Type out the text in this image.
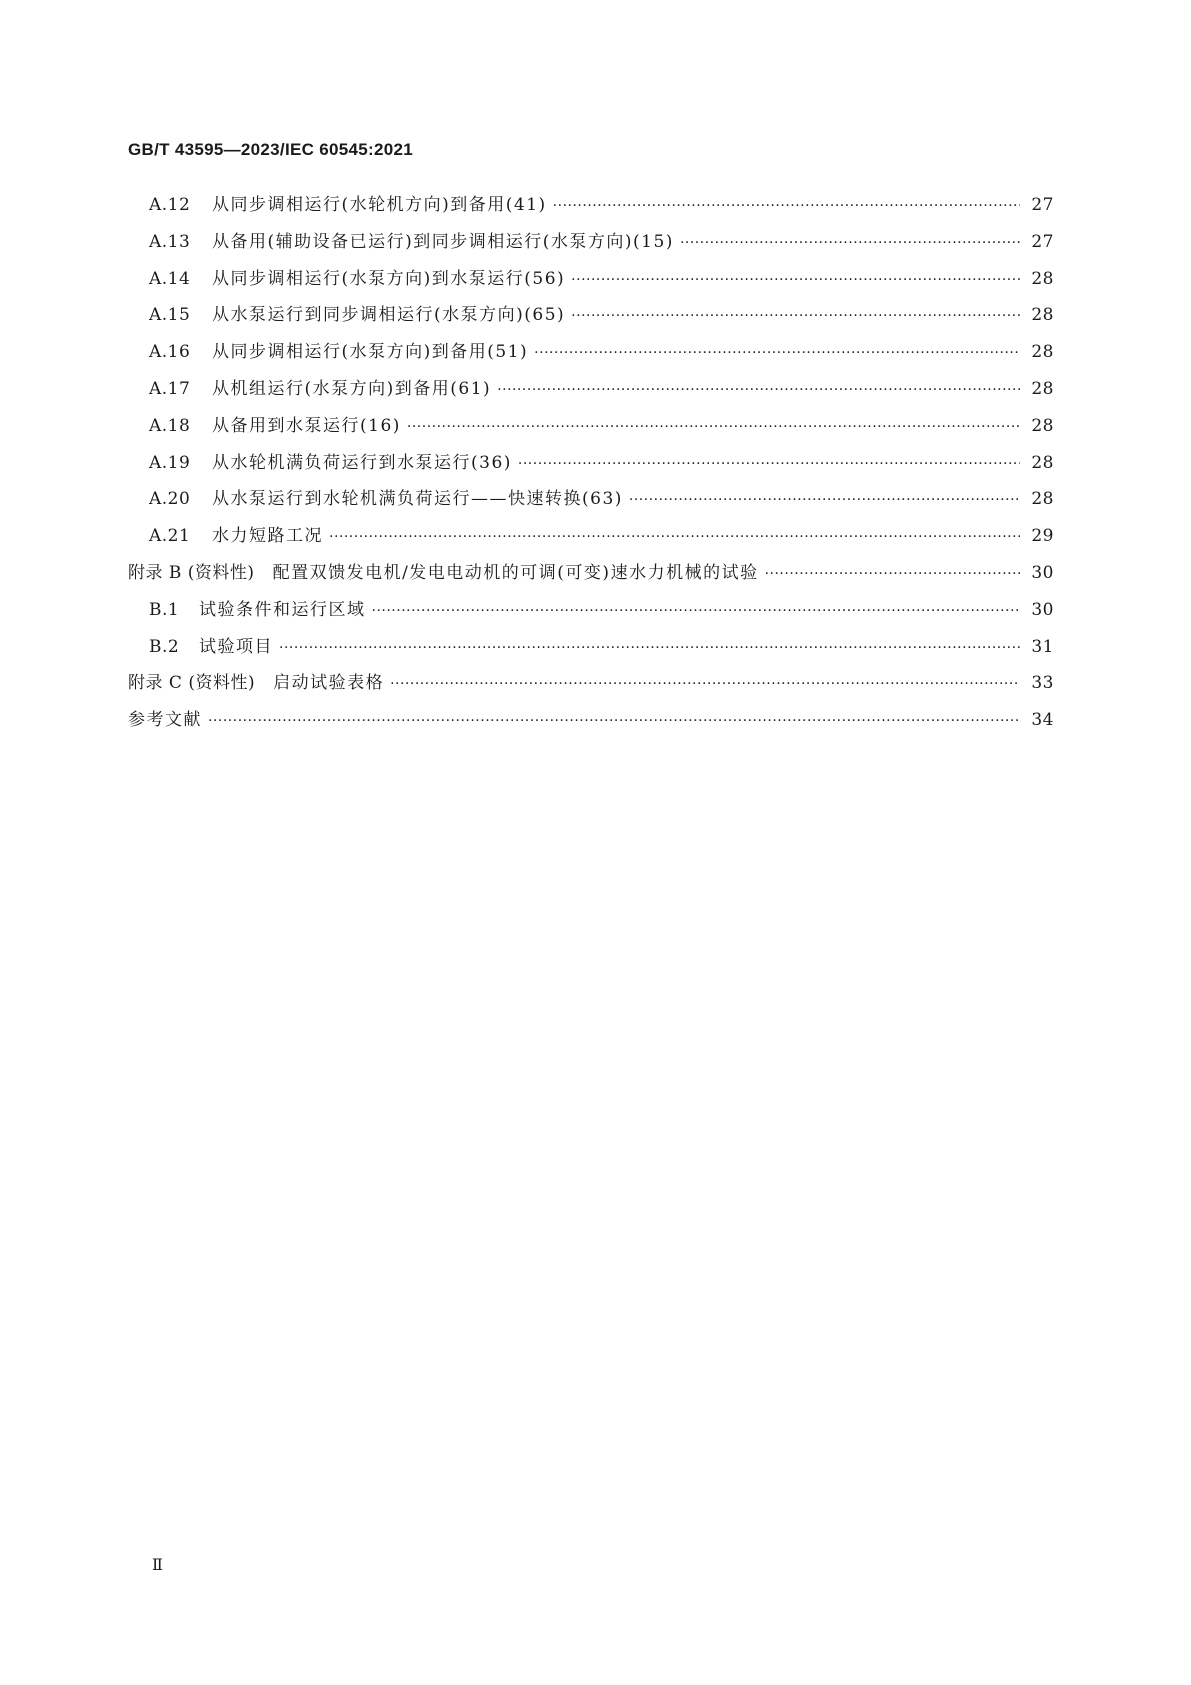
GB/T 43595—2023/IEC 60545:2021
A.12	从同步调相运行(水轮机方向)到备用(41) ·····	27
A.13	从备用(辅助设备已运行)到同步调相运行(水泵方向)(15) ·····	27
A.14	从同步调相运行(水泵方向)到水泵运行(56) ·····	28
A.15	从水泵运行到同步调相运行(水泵方向)(65) ·····	28
A.16	从同步调相运行(水泵方向)到备用(51) ·····	28
A.17	从机组运行(水泵方向)到备用(61) ·····	28
A.18	从备用到水泵运行(16) ·····	28
A.19	从水轮机满负荷运行到水泵运行(36) ·····	28
A.20	从水泵运行到水轮机满负荷运行——快速转换(63) ·····	28
A.21	水力短路工况 ·····	29
附录 B (资料性) 配置双馈发电机/发电电动机的可调(可变)速水力机械的试验 ·····	30
B.1	试验条件和运行区域 ·····	30
B.2	试验项目 ·····	31
附录 C (资料性) 启动试验表格 ·····	33
参考文献 ·····	34
Ⅱ
